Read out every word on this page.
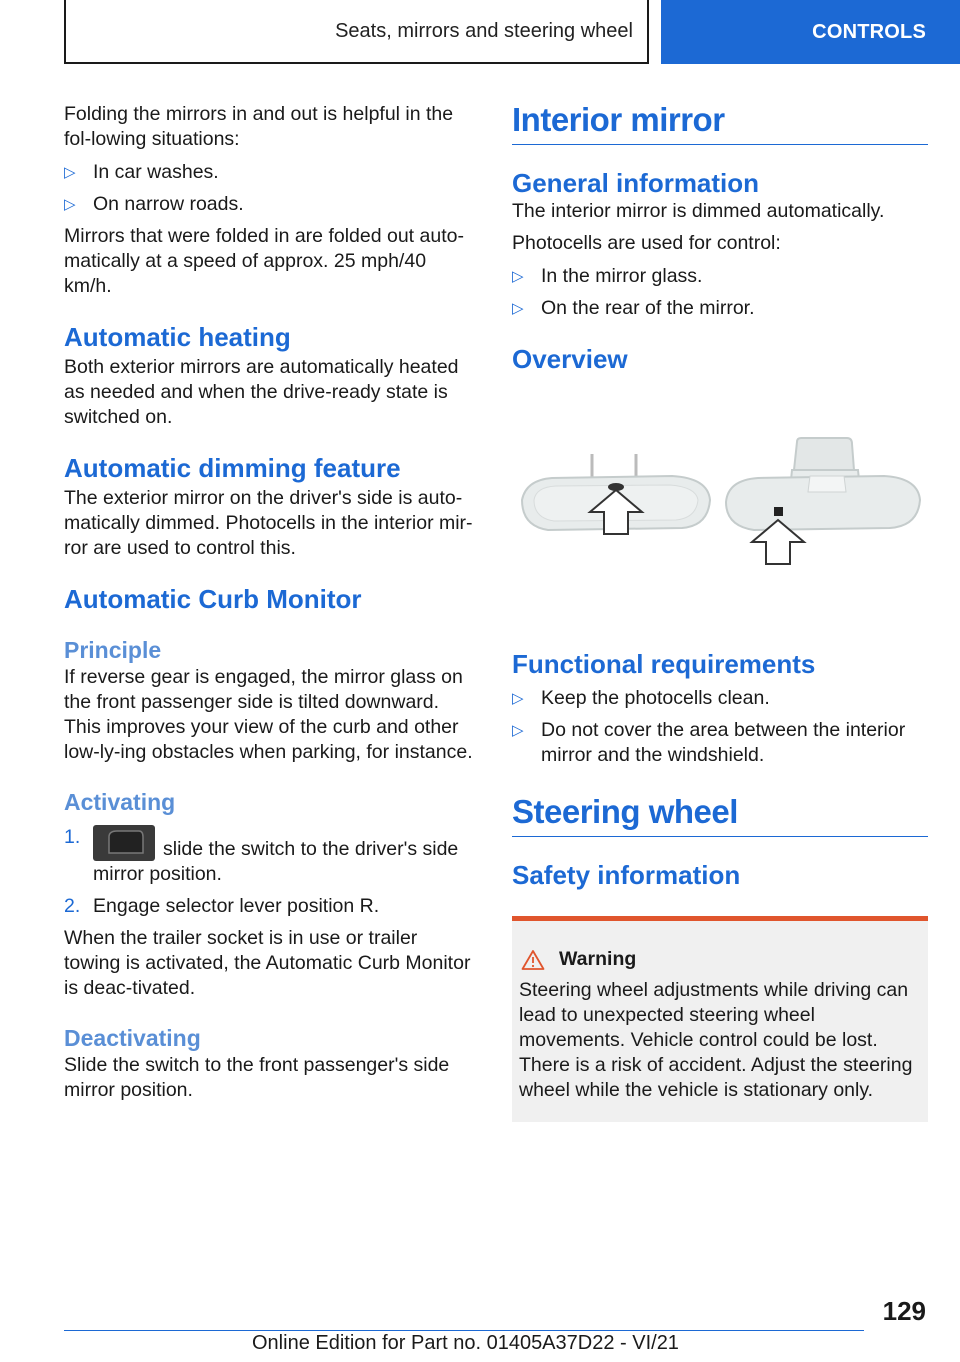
Seats, mirrors and steering wheel	CONTROLS

Folding the mirrors in and out is helpful in the fol-lowing situations:

▷ In car washes.
▷ On narrow roads.

Mirrors that were folded in are folded out auto-matically at a speed of approx. 25 mph/40 km/h.

Automatic heating

Both exterior mirrors are automatically heated as needed and when the drive-ready state is switched on.

Automatic dimming feature

The exterior mirror on the driver's side is auto-matically dimmed. Photocells in the interior mir-ror are used to control this.

Automatic Curb Monitor
Principle

If reverse gear is engaged, the mirror glass on the front passenger side is tilted downward. This improves your view of the curb and other low-ly-ing obstacles when parking, for instance.

Activating
1.
slide the switch to the driver's side mirror position.
2. Engage selector lever position R.

When the trailer socket is in use or trailer towing is activated, the Automatic Curb Monitor is deac-tivated.

Deactivating

Slide the switch to the front passenger's side mirror position.

Interior mirror
General information

The interior mirror is dimmed automatically.

Photocells are used for control:

▷ In the mirror glass.
▷ On the rear of the mirror.
Overview
Functional requirements
▷ Keep the photocells clean.
▷ Do not cover the area between the interior mirror and the windshield.
Steering wheel
Safety information
Warning

Steering wheel adjustments while driving can lead to unexpected steering wheel movements. Vehicle control could be lost. There is a risk of accident. Adjust the steering wheel while the vehicle is stationary only.

129
Online Edition for Part no. 01405A37D22 - VI/21
